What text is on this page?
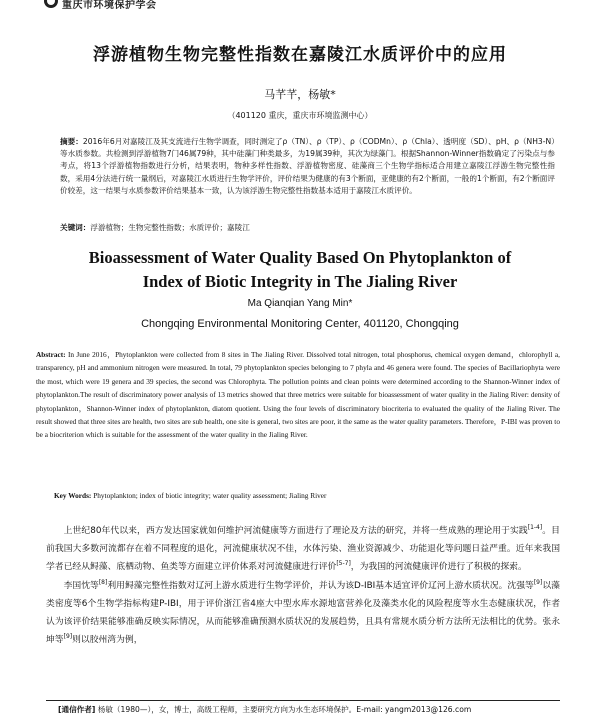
重庆市环境保护学会
浮游植物生物完整性指数在嘉陵江水质评价中的应用
马芊芊，杨敏*
（401120 重庆，重庆市环境监测中心）

摘要：2016年6月对嘉陵江及其支流进行生物学调查，同时测定了ρ（TN）、ρ（TP）、ρ（CODMn）、ρ（Chla）、透明度（SD）、pH、ρ（NH3-N）等水质参数。共检测到浮游植物7门46属79种，其中硅藻门种类最多，为19属39种，其次为绿藻门。根据Shannon-Winner指数确定了污染点与参考点，将13个浮游植物指数进行分析，结果表明，物种多样性指数、浮游植物密度、硅藻商三个生物学指标适合用建立嘉陵江浮游生物完整性指数，采用4分法进行统一量纲后，对嘉陵江水质进行生物学评价，评价结果为健康的有3个断面，亚健康的有2个断面，一般的1个断面，有2个断面评价较差，这一结果与水质参数评价结果基本一致，认为该浮游生物完整性指数基本适用于嘉陵江水质评价。

关键词：浮游植物；生物完整性指数；水质评价；嘉陵江
Bioassessment of Water Quality Based On Phytoplankton of
Index of Biotic Integrity in The Jialing River
Ma Qianqian Yang Min*
Chongqing Environmental Monitoring Center, 401120, Chongqing

Abstract: In June 2016，Phytoplankton were collected from 8 sites in The Jialing River. Dissolved total nitrogen, total phosphorus, chemical oxygen demand，chlorophyll a, transparency, pH and ammonium nitrogen were measured. In total, 79 phytoplankton species belonging to 7 phyla and 46 genera were found. The species of Bacillariophyta were the most, which were 19 genera and 39 species, the second was Chlorophyta. The pollution points and clean points were determined according to the Shannon-Winner index of phytoplankton.The result of discriminatory power analysis of 13 metrics showed that three metrics were suitable for bioassessment of water quality in the Jialing River: density of phytoplankton，Shannon-Winner index of phytoplankton, diatom quotient. Using the four levels of discriminatory biocriteria to evaluated the quality of the Jialing River. The result showed that three sites are health, two sites are sub health, one site is general, two sites are poor, it the same as the water quality parameters. Therefore，P-IBI was proven to be a biocriterion which is suitable for the assessment of the water quality in the Jialing River.

Key Words: Phytoplankton; index of biotic integrity; water quality assessment; Jialing River

上世纪80年代以来，西方发达国家就如何维护河流健康等方面进行了理论及方法的研究，并将一些成熟的理论用于实践[1-4]。目前我国大多数河流都存在着不同程度的退化，河流健康状况不佳，水体污染、渔业资源减少、功能退化等问题日益严重。近年来我国学者已经从鲟藻、底栖动物、鱼类等方面建立评价体系对河流健康进行评价[5-7]，为我国的河流健康评价进行了积极的探索。

李国忱等[8]利用鲟藻完整性指数对辽河上游水质进行生物学评价，并认为该D-IBI基本适宜评价辽河上游水质状况。沈强等[9]以藻类密度等6个生物学指标构建P-IBI，用于评价浙江省4座大中型水库水源地富营养化及藻类水化的风险程度等水生态健康状况，作者认为该评价结果能够准确反映实际情况，从而能够准确预测水质状况的发展趋势，且具有常规水质分析方法所无法相比的优势。张永坤等[9]则以胶州湾为例，

[通信作者] 杨敏（1980—），女，博士，高级工程师，主要研究方向为水生态环境保护。E-mail: yangm2013@126.com
